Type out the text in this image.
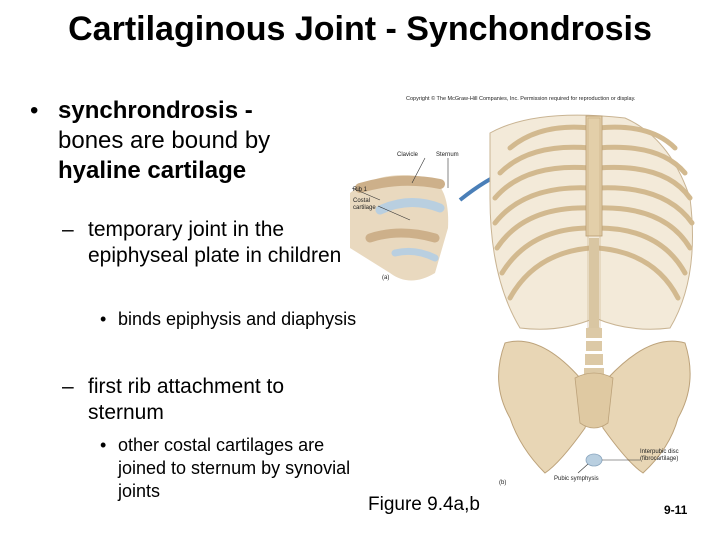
Cartilaginous Joint - Synchondrosis
• synchrondrosis -
bones are bound by
hyaline cartilage
– temporary joint in the epiphyseal plate in children
• binds epiphysis and diaphysis
– first rib attachment to sternum
• other costal cartilages are joined to sternum by synovial joints
Copyright © The McGraw-Hill Companies, Inc. Permission required for reproduction or display.
Clavicle	Sternum
Rib 1
Costal cartilage
(a)
(b)
Interpubic disc (fibrocartilage)
Pubic symphysis
Figure 9.4a,b	9-11
